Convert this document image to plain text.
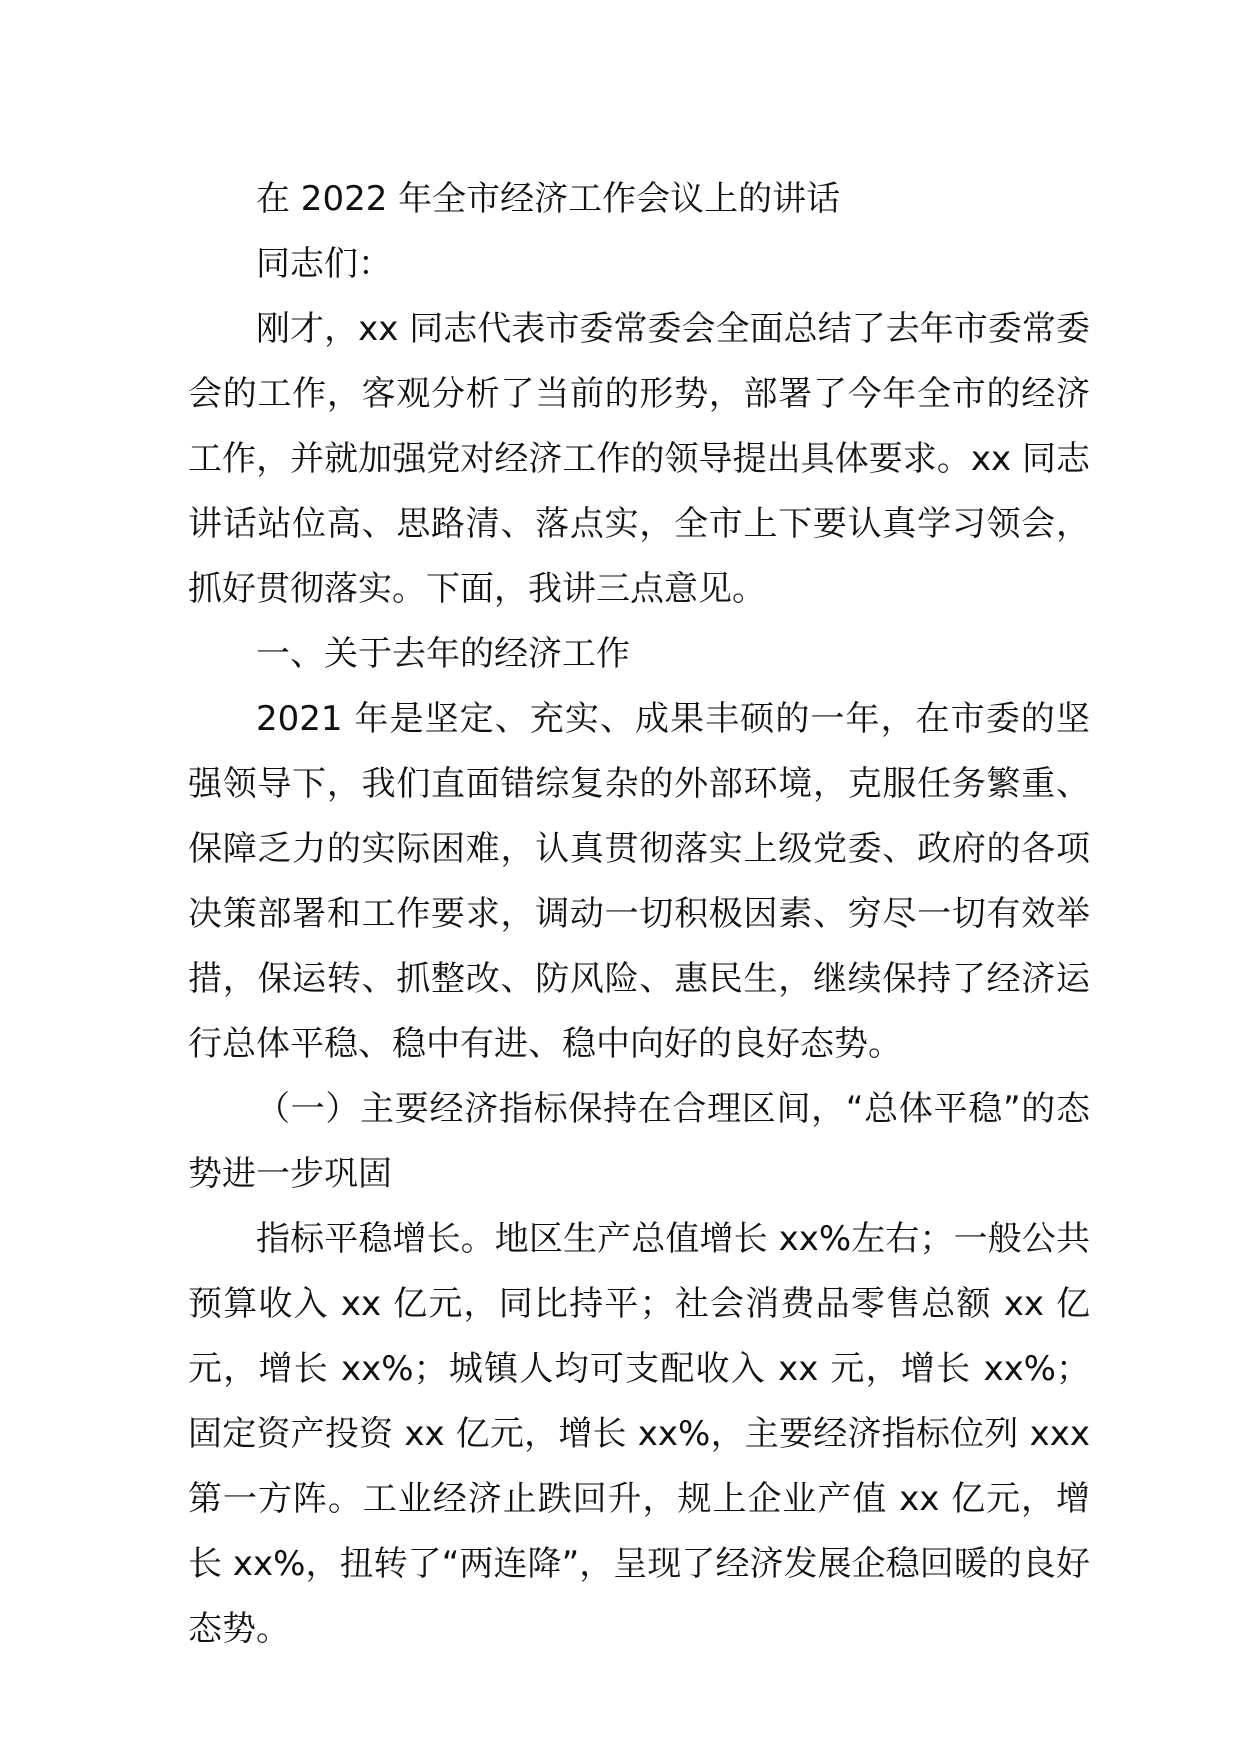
在 2022 年全市经济工作会议上的讲话

同志们：

刚才，xx 同志代表市委常委会全面总结了去年市委常委会的工作，客观分析了当前的形势，部署了今年全市的经济工作，并就加强党对经济工作的领导提出具体要求。xx 同志讲话站位高、思路清、落点实，全市上下要认真学习领会，抓好贯彻落实。下面，我讲三点意见。

一、关于去年的经济工作

2021 年是坚定、充实、成果丰硕的一年，在市委的坚强领导下，我们直面错综复杂的外部环境，克服任务繁重、保障乏力的实际困难，认真贯彻落实上级党委、政府的各项决策部署和工作要求，调动一切积极因素、穷尽一切有效举措，保运转、抓整改、防风险、惠民生，继续保持了经济运行总体平稳、稳中有进、稳中向好的良好态势。

（一）主要经济指标保持在合理区间，“总体平稳”的态势进一步巩固

指标平稳增长。地区生产总值增长 xx%左右；一般公共预算收入 xx 亿元，同比持平；社会消费品零售总额 xx 亿元，增长 xx%；城镇人均可支配收入 xx 元，增长 xx%；固定资产投资 xx 亿元，增长 xx%，主要经济指标位列 xxx 第一方阵。工业经济止跌回升，规上企业产值 xx 亿元，增长 xx%，扭转了“两连降”，呈现了经济发展企稳回暖的良好态势。
